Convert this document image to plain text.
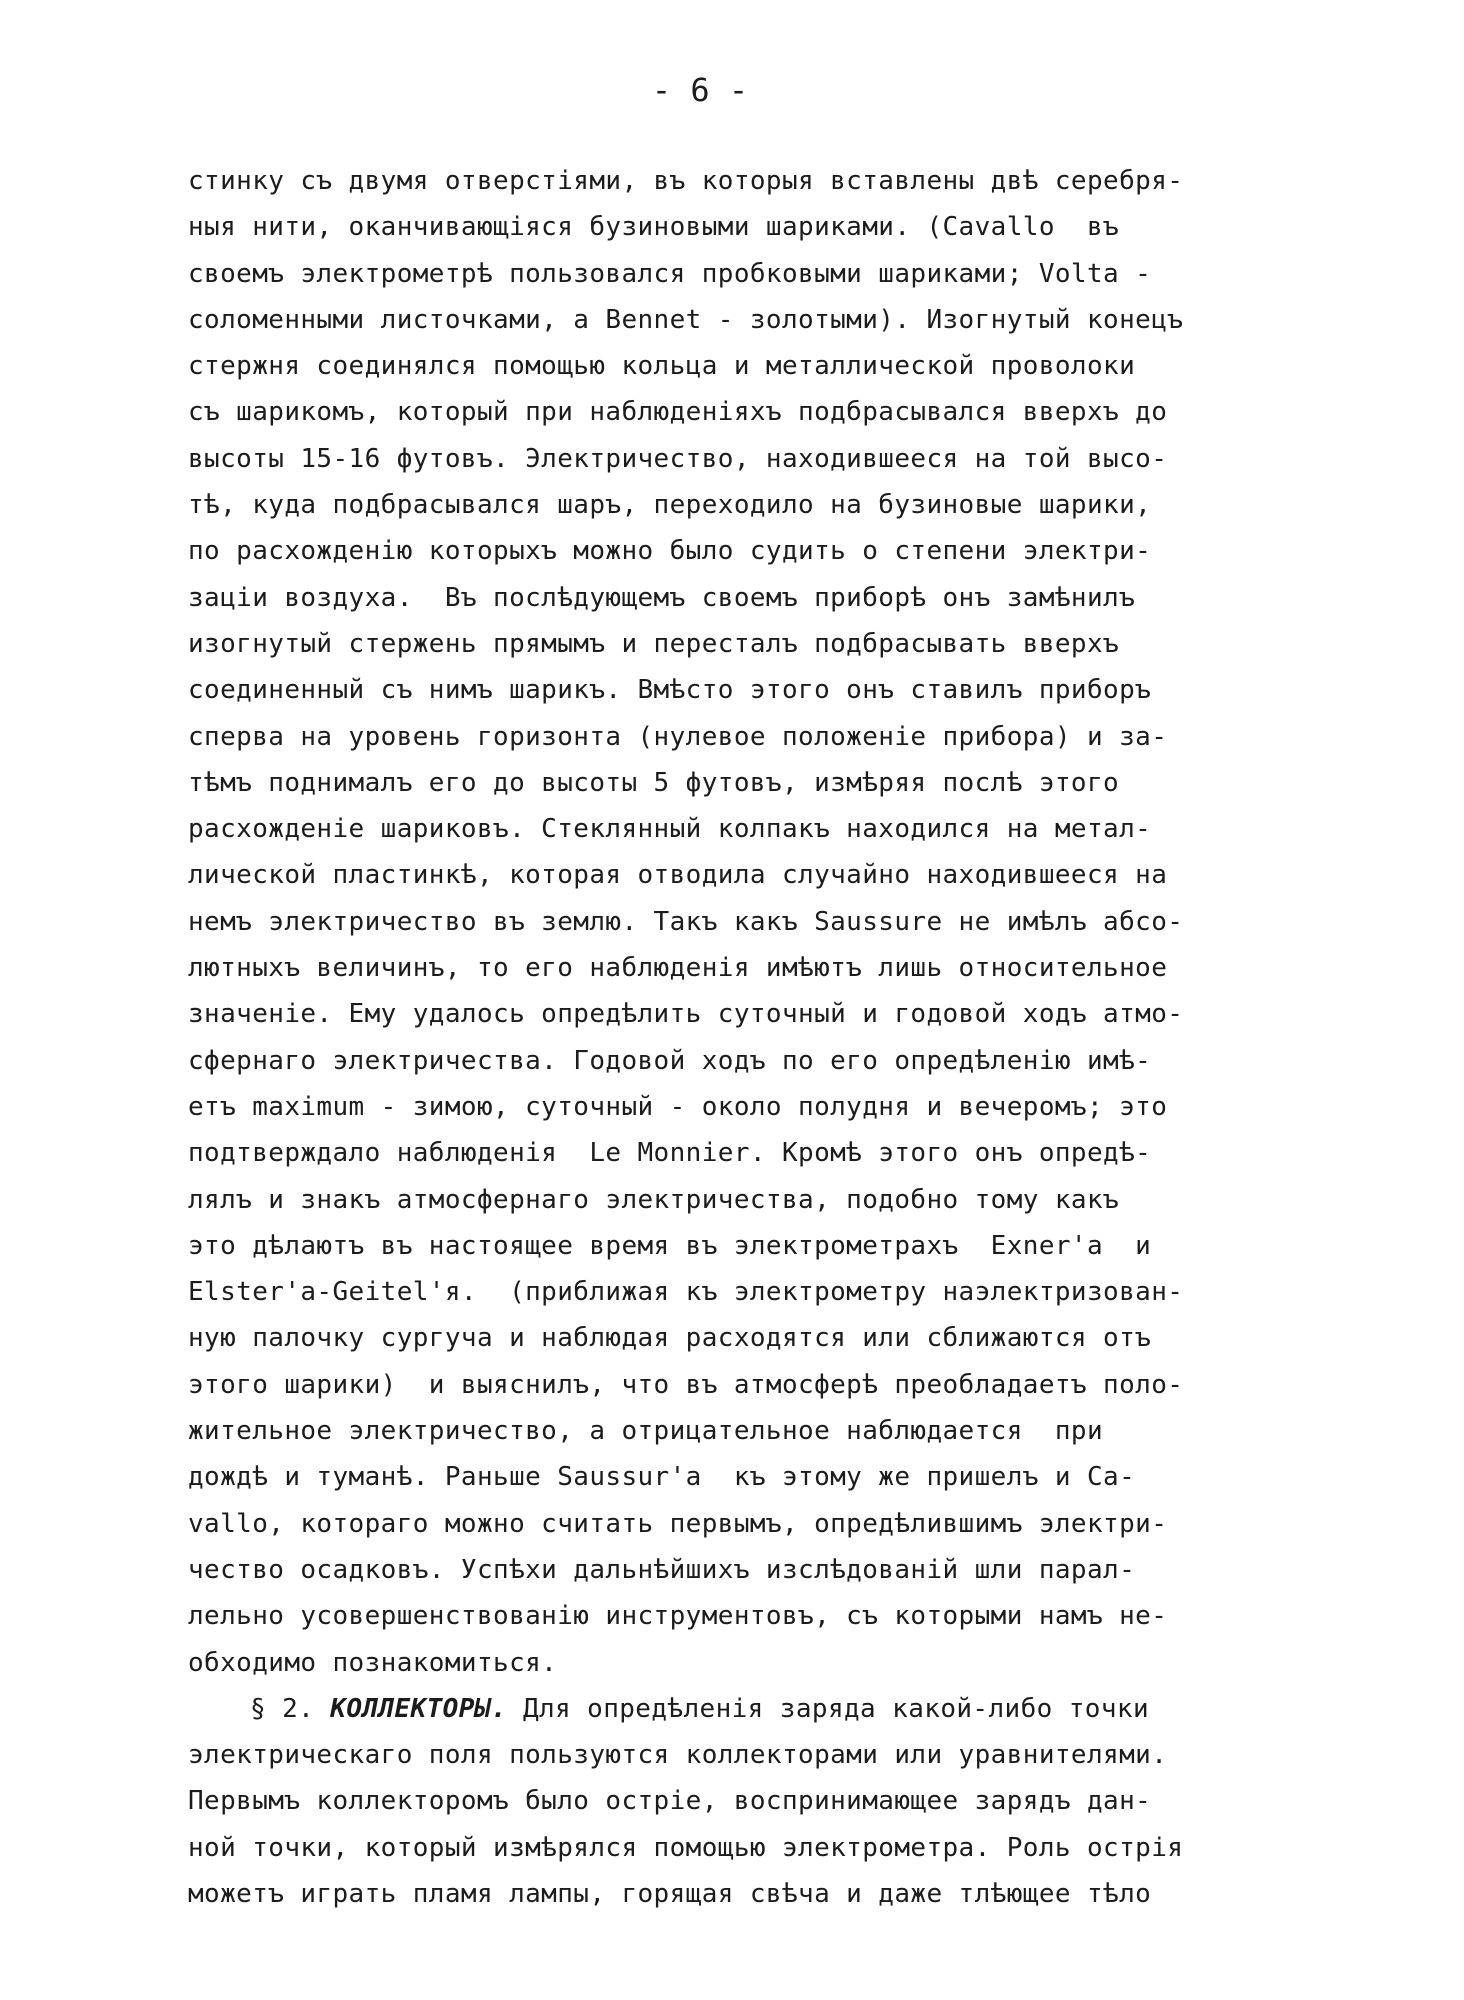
- 6 -
стинку съ двумя отверстiями, въ которыя вставлены двѣ серебря-
ныя нити, оканчивающiяся бузиновыми шариками. (Cavallo  въ
своемъ электрометрѣ пользовался пробковыми шариками; Volta -
соломенными листочками, а Bennet - золотыми). Изогнутый конецъ
стержня соединялся помощью кольца и металлической проволоки
съ шарикомъ, который при наблюденiяхъ подбрасывался вверхъ до
высоты 15-16 футовъ. Электричество, находившееся на той высо-
тѣ, куда подбрасывался шаръ, переходило на бузиновые шарики,
по расхожденiю которыхъ можно было судить о степени электри-
зацiи воздуха.  Въ послѣдующемъ своемъ приборѣ онъ замѣнилъ
изогнутый стержень прямымъ и пересталъ подбрасывать вверхъ
соединенный съ нимъ шарикъ. Вмѣсто этого онъ ставилъ приборъ
сперва на уровень горизонта (нулевое положенiе прибора) и за-
тѣмъ поднималъ его до высоты 5 футовъ, измѣряя послѣ этого
расхожденiе шариковъ. Стеклянный колпакъ находился на метал-
лической пластинкѣ, которая отводила случайно находившееся на
немъ электричество въ землю. Такъ какъ Saussure не имѣлъ абсо-
лютныхъ величинъ, то его наблюденiя имѣютъ лишь относительное
значенiе. Ему удалось опредѣлить суточный и годовой ходъ атмо-
сфернаго электричества. Годовой ходъ по его опредѣленiю имѣ-
етъ maximum - зимою, суточный - около полудня и вечеромъ; это
подтверждало наблюденiя  Le Monnier. Кромѣ этого онъ опредѣ-
лялъ и знакъ атмосфернаго электричества, подобно тому какъ
это дѣлаютъ въ настоящее время въ электрометрахъ  Exner'a  и
Elster'a-Geitel'я.  (приближая къ электрометру наэлектризован-
ную палочку сургуча и наблюдая расходятся или сближаются отъ
этого шарики)  и выяснилъ, что въ атмосферѣ преобладаетъ поло-
жительное электричество, а отрицательное наблюдается  при
дождѣ и туманѣ. Раньше Saussur'a  къ этому же пришелъ и Ca-
vallo, которaго можно считать первымъ, опредѣлившимъ электри-
чество осадковъ. Успѣхи дальнѣйшихъ изслѣдованiй шли парал-
лельно усовершенствованiю инструментовъ, съ которыми намъ не-
обходимо познакомиться.
§ 2. КОЛЛЕКТОРЫ. Для опредѣленiя заряда какой-либо точки
электрическаго поля пользуются коллекторами или уравнителями.
Первымъ коллекторомъ было острiе, воспринимающее зарядъ дан-
ной точки, который измѣрялся помощью электрометра. Роль острiя
можетъ играть пламя лампы, горящая свѣча и даже тлѣющее тѣло
